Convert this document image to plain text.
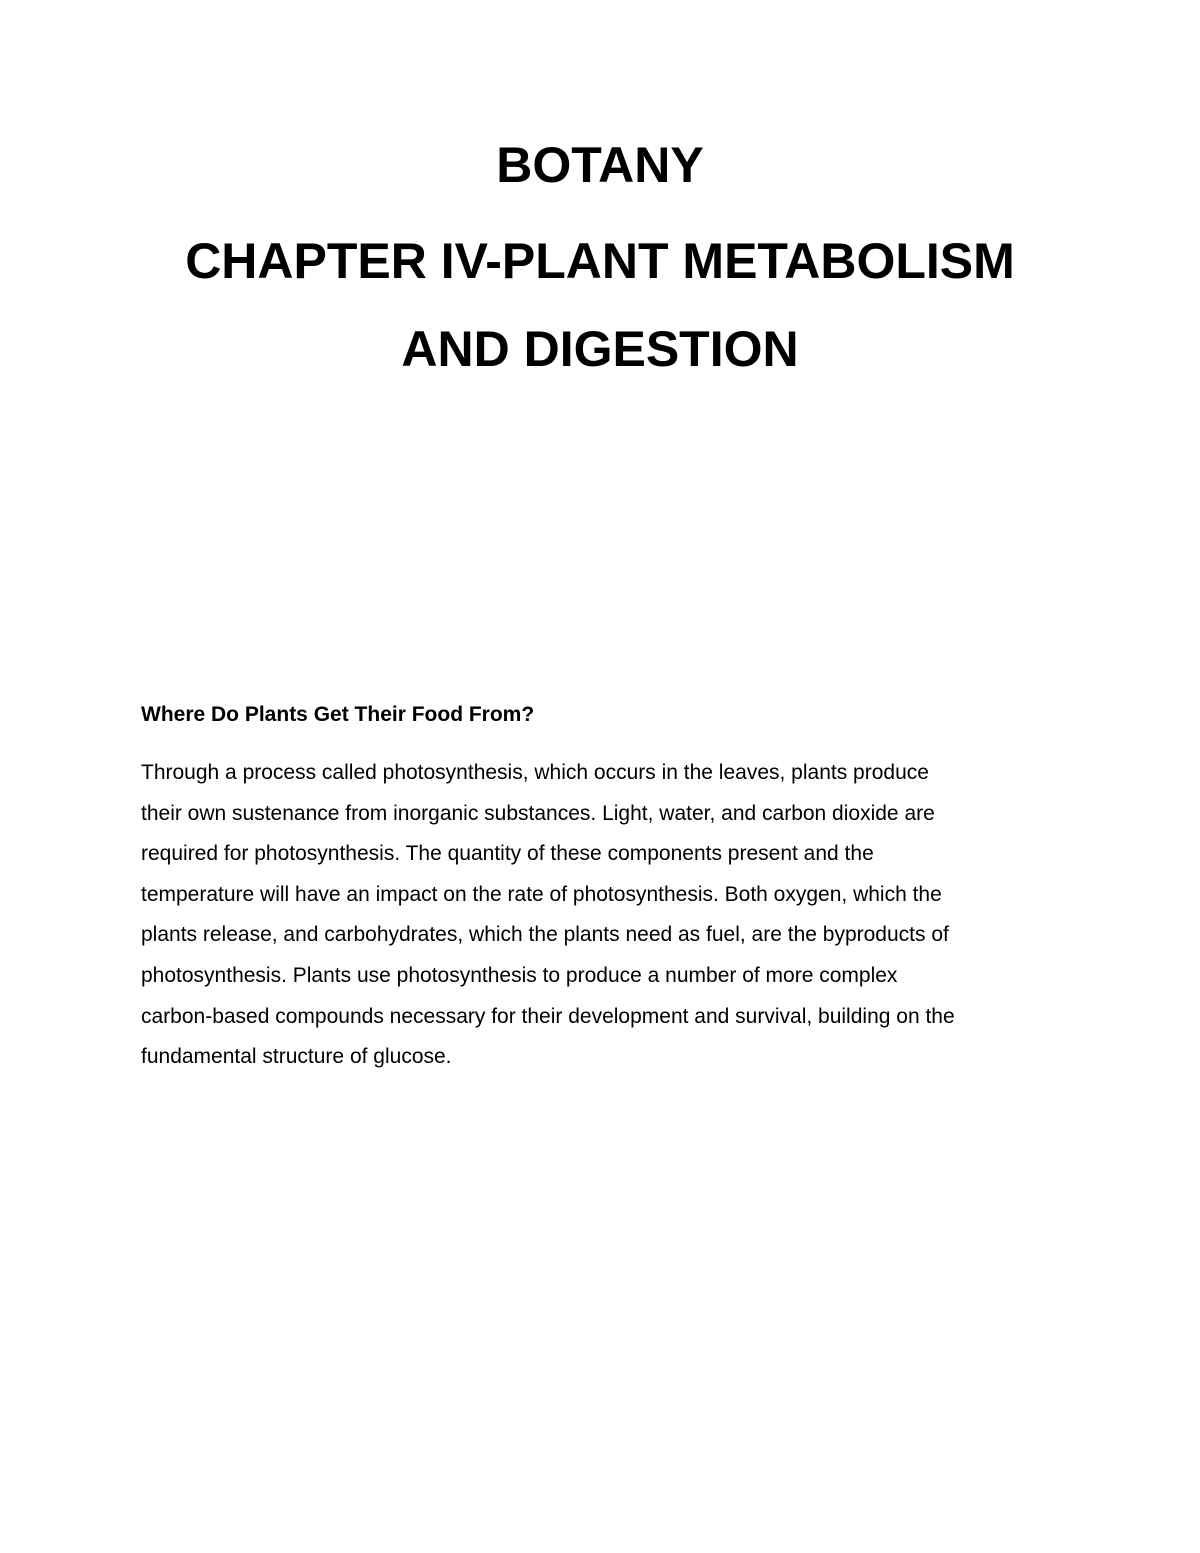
BOTANY
CHAPTER IV-PLANT METABOLISM
AND DIGESTION
Where Do Plants Get Their Food From?
Through a process called photosynthesis, which occurs in the leaves, plants produce
their own sustenance from inorganic substances. Light, water, and carbon dioxide are
required for photosynthesis. The quantity of these components present and the
temperature will have an impact on the rate of photosynthesis. Both oxygen, which the
plants release, and carbohydrates, which the plants need as fuel, are the byproducts of
photosynthesis. Plants use photosynthesis to produce a number of more complex
carbon-based compounds necessary for their development and survival, building on the
fundamental structure of glucose.
